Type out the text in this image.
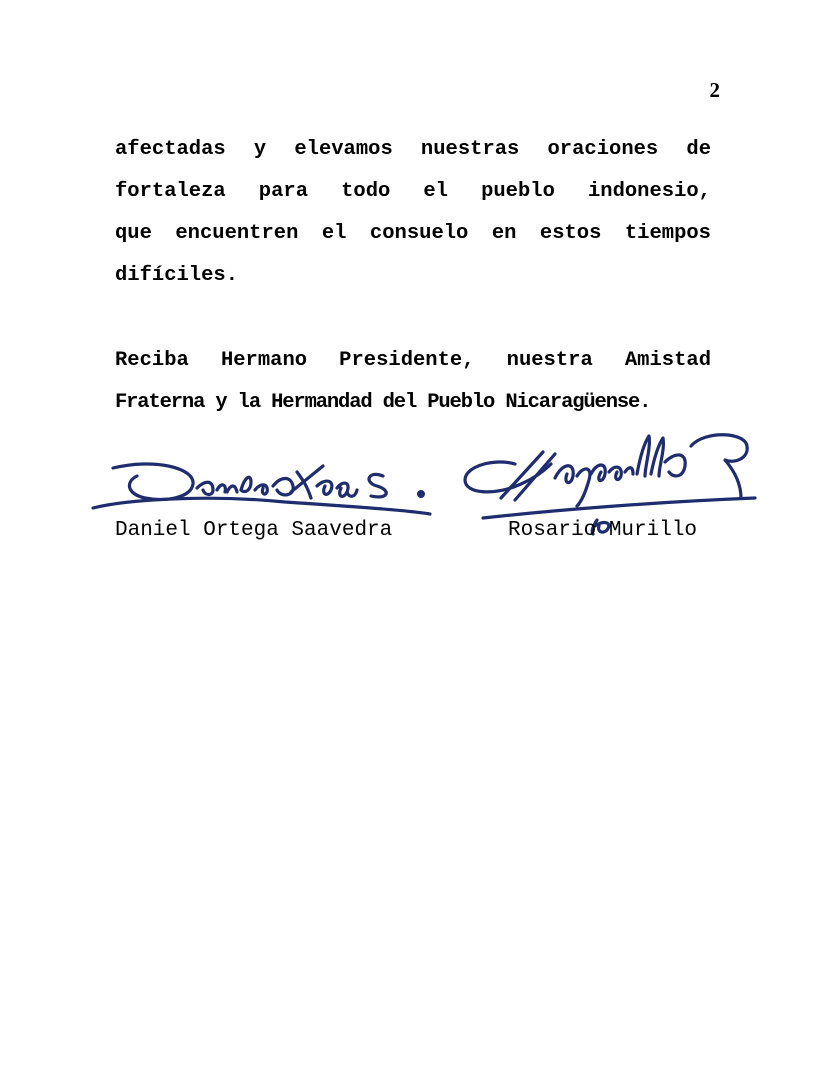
2
afectadas y elevamos nuestras oraciones de
fortaleza para todo el pueblo indonesio,
que encuentren el consuelo en estos tiempos
difíciles.
Reciba Hermano Presidente, nuestra Amistad
Fraterna y la Hermandad del Pueblo Nicaragüense.
Daniel Ortega Saavedra	Rosario Murillo
